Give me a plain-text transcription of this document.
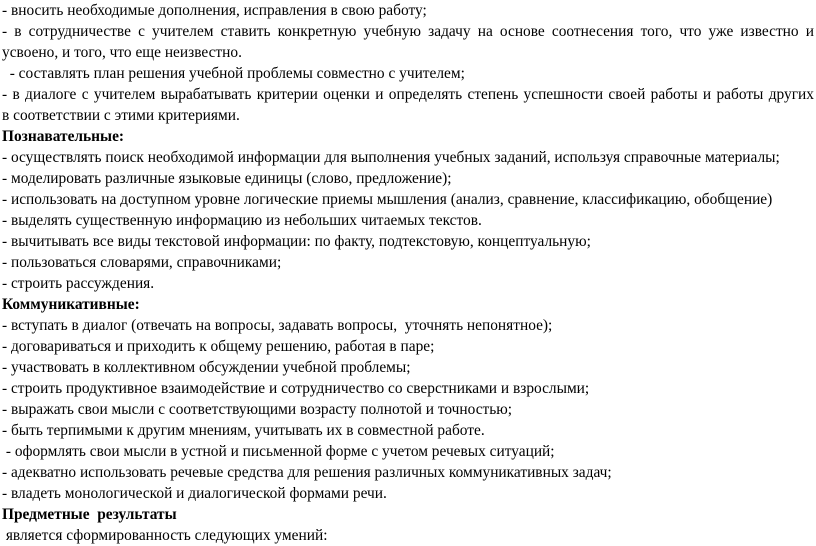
- вносить необходимые дополнения, исправления в свою работу;
- в сотрудничестве с учителем ставить конкретную учебную задачу на основе соотнесения того, что уже известно и
усвоено, и того, что еще неизвестно.
- составлять план решения учебной проблемы совместно с учителем;
- в диалоге с учителем вырабатывать критерии оценки и определять степень успешности своей работы и работы других
в соответствии с этими критериями.
Познавательные:
- осуществлять поиск необходимой информации для выполнения учебных заданий, используя справочные материалы;
- моделировать различные языковые единицы (слово, предложение);
- использовать на доступном уровне логические приемы мышления (анализ, сравнение, классификацию, обобщение)
- выделять существенную информацию из небольших читаемых текстов.
- вычитывать все виды текстовой информации: по факту, подтекстовую, концептуальную;
- пользоваться словарями, справочниками;
- строить рассуждения.
Коммуникативные:
- вступать в диалог (отвечать на вопросы, задавать вопросы,  уточнять непонятное);
- договариваться и приходить к общему решению, работая в паре;
- участвовать в коллективном обсуждении учебной проблемы;
- строить продуктивное взаимодействие и сотрудничество со сверстниками и взрослыми;
- выражать свои мысли с соответствующими возрасту полнотой и точностью;
- быть терпимыми к другим мнениям, учитывать их в совместной работе.
- оформлять свои мысли в устной и письменной форме с учетом речевых ситуаций;
- адекватно использовать речевые средства для решения различных коммуникативных задач;
- владеть монологической и диалогической формами речи.
Предметные  результаты
является сформированность следующих умений:
